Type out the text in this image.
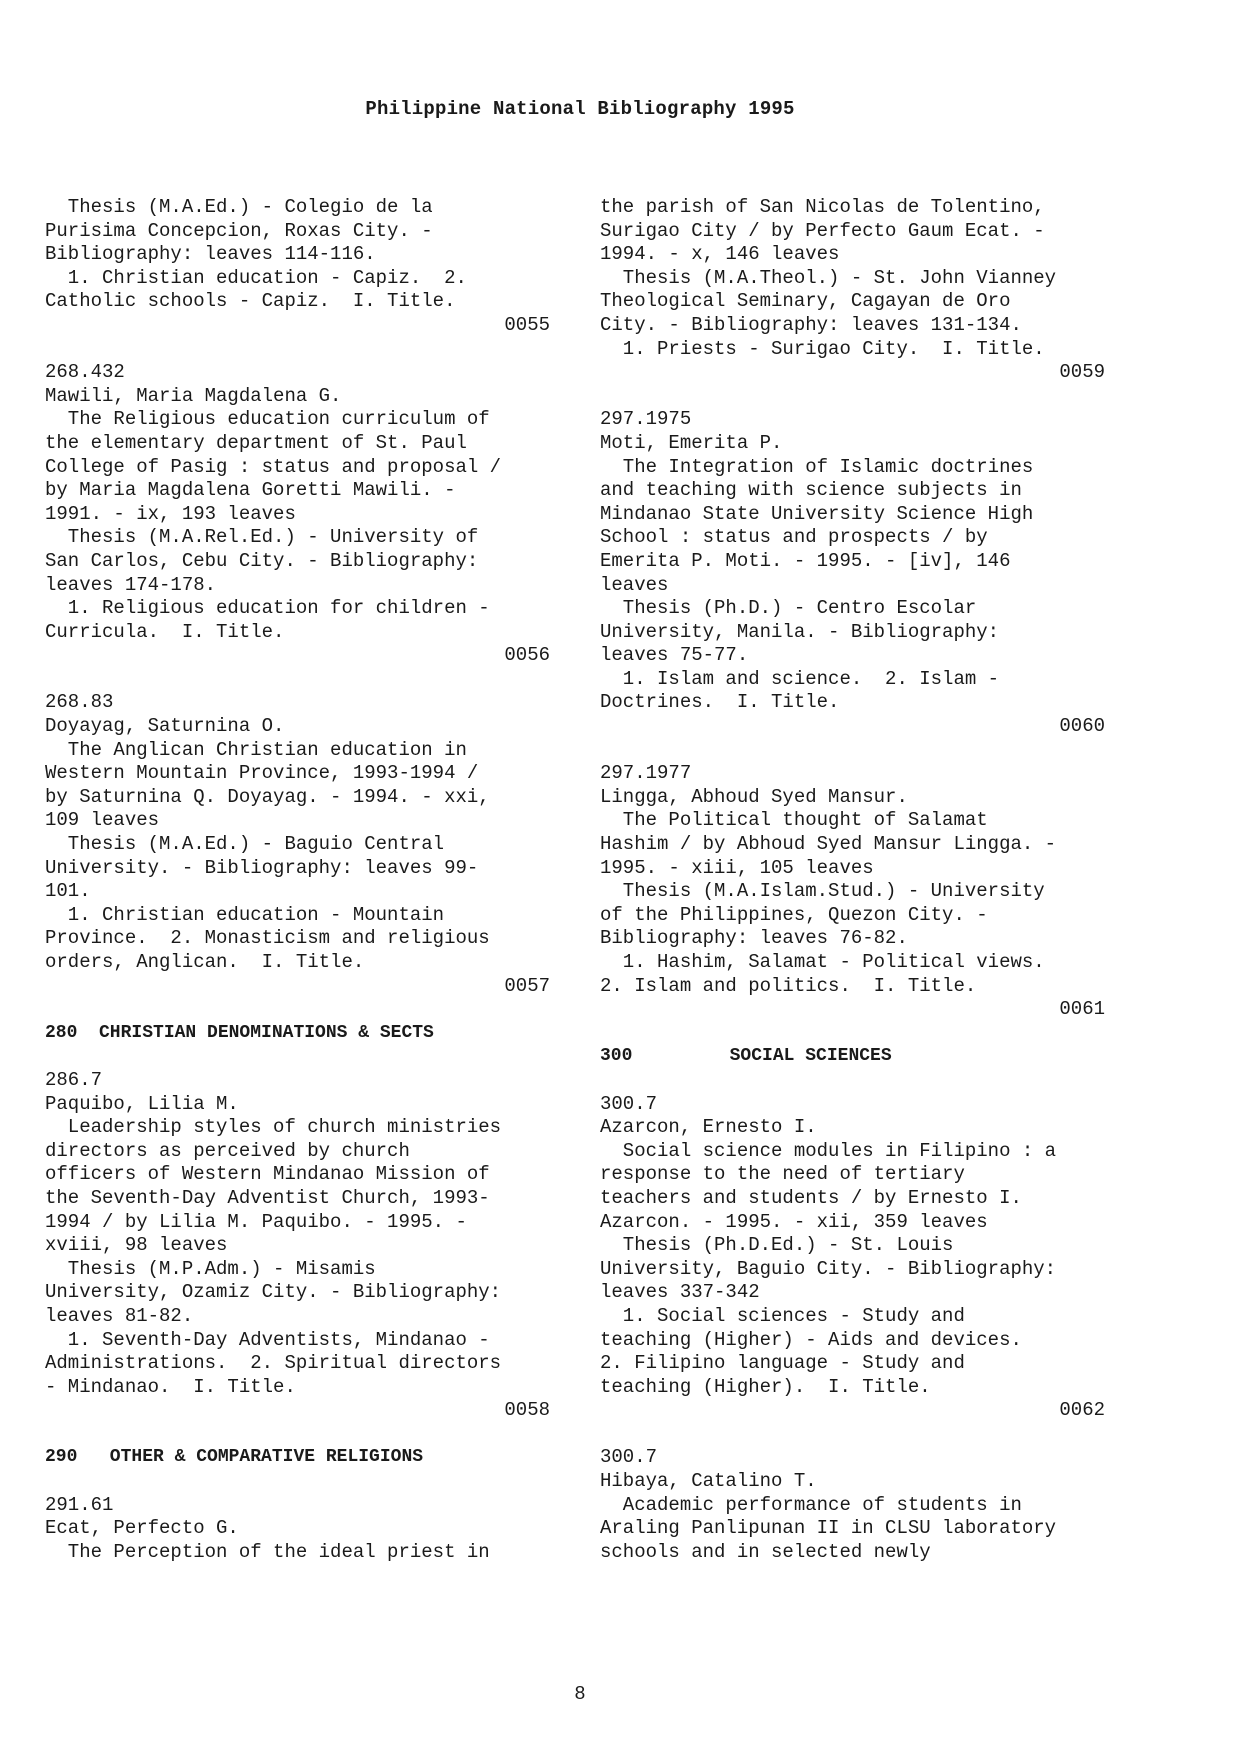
Philippine National Bibliography 1995
Thesis (M.A.Ed.) - Colegio de la
Purisima Concepcion, Roxas City. -
Bibliography: leaves 114-116.
1. Christian education - Capiz.  2.
Catholic schools - Capiz.  I. Title.
0055
268.432
Mawili, Maria Magdalena G.
The Religious education curriculum of
the elementary department of St. Paul
College of Pasig : status and proposal /
by Maria Magdalena Goretti Mawili. -
1991. - ix, 193 leaves
Thesis (M.A.Rel.Ed.) - University of
San Carlos, Cebu City. - Bibliography:
leaves 174-178.
1. Religious education for children -
Curricula.  I. Title.
0056
268.83
Doyayag, Saturnina O.
The Anglican Christian education in
Western Mountain Province, 1993-1994 /
by Saturnina Q. Doyayag. - 1994. - xxi,
109 leaves
Thesis (M.A.Ed.) - Baguio Central
University. - Bibliography: leaves 99-
101.
1. Christian education - Mountain
Province.  2. Monasticism and religious
orders, Anglican.  I. Title.
0057
280  CHRISTIAN DENOMINATIONS & SECTS
286.7
Paquibo, Lilia M.
Leadership styles of church ministries
directors as perceived by church
officers of Western Mindanao Mission of
the Seventh-Day Adventist Church, 1993-
1994 / by Lilia M. Paquibo. - 1995. -
xviii, 98 leaves
Thesis (M.P.Adm.) - Misamis
University, Ozamiz City. - Bibliography:
leaves 81-82.
1. Seventh-Day Adventists, Mindanao -
Administrations.  2. Spiritual directors
- Mindanao.  I. Title.
0058
290   OTHER & COMPARATIVE RELIGIONS
291.61
Ecat, Perfecto G.
The Perception of the ideal priest in
the parish of San Nicolas de Tolentino,
Surigao City / by Perfecto Gaum Ecat. -
1994. - x, 146 leaves
Thesis (M.A.Theol.) - St. John Vianney
Theological Seminary, Cagayan de Oro
City. - Bibliography: leaves 131-134.
1. Priests - Surigao City.  I. Title.
0059
297.1975
Moti, Emerita P.
The Integration of Islamic doctrines
and teaching with science subjects in
Mindanao State University Science High
School : status and prospects / by
Emerita P. Moti. - 1995. - [iv], 146
leaves
Thesis (Ph.D.) - Centro Escolar
University, Manila. - Bibliography:
leaves 75-77.
1. Islam and science.  2. Islam -
Doctrines.  I. Title.
0060
297.1977
Lingga, Abhoud Syed Mansur.
The Political thought of Salamat
Hashim / by Abhoud Syed Mansur Lingga. -
1995. - xiii, 105 leaves
Thesis (M.A.Islam.Stud.) - University
of the Philippines, Quezon City. -
Bibliography: leaves 76-82.
1. Hashim, Salamat - Political views.
2. Islam and politics.  I. Title.
0061
300         SOCIAL SCIENCES
300.7
Azarcon, Ernesto I.
Social science modules in Filipino : a
response to the need of tertiary
teachers and students / by Ernesto I.
Azarcon. - 1995. - xii, 359 leaves
Thesis (Ph.D.Ed.) - St. Louis
University, Baguio City. - Bibliography:
leaves 337-342
1. Social sciences - Study and
teaching (Higher) - Aids and devices.
2. Filipino language - Study and
teaching (Higher).  I. Title.
0062
300.7
Hibaya, Catalino T.
Academic performance of students in
Araling Panlipunan II in CLSU laboratory
schools and in selected newly
8
